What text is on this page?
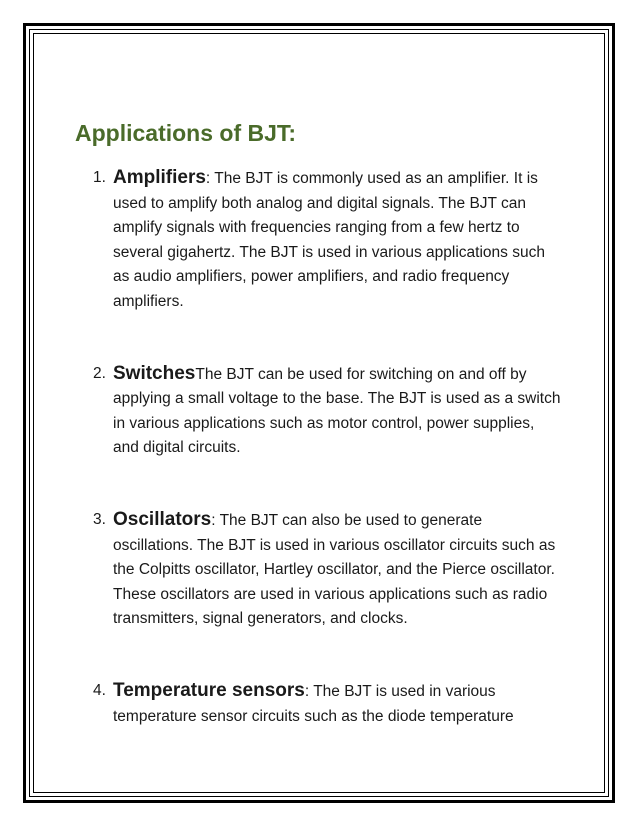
Applications of BJT:
1. Amplifiers: The BJT is commonly used as an amplifier. It is used to amplify both analog and digital signals. The BJT can amplify signals with frequencies ranging from a few hertz to several gigahertz. The BJT is used in various applications such as audio amplifiers, power amplifiers, and radio frequency amplifiers.
2. SwitchesThe BJT can be used for switching on and off by applying a small voltage to the base. The BJT is used as a switch in various applications such as motor control, power supplies, and digital circuits.
3. Oscillators: The BJT can also be used to generate oscillations. The BJT is used in various oscillator circuits such as the Colpitts oscillator, Hartley oscillator, and the Pierce oscillator. These oscillators are used in various applications such as radio transmitters, signal generators, and clocks.
4. Temperature sensors: The BJT is used in various temperature sensor circuits such as the diode temperature
